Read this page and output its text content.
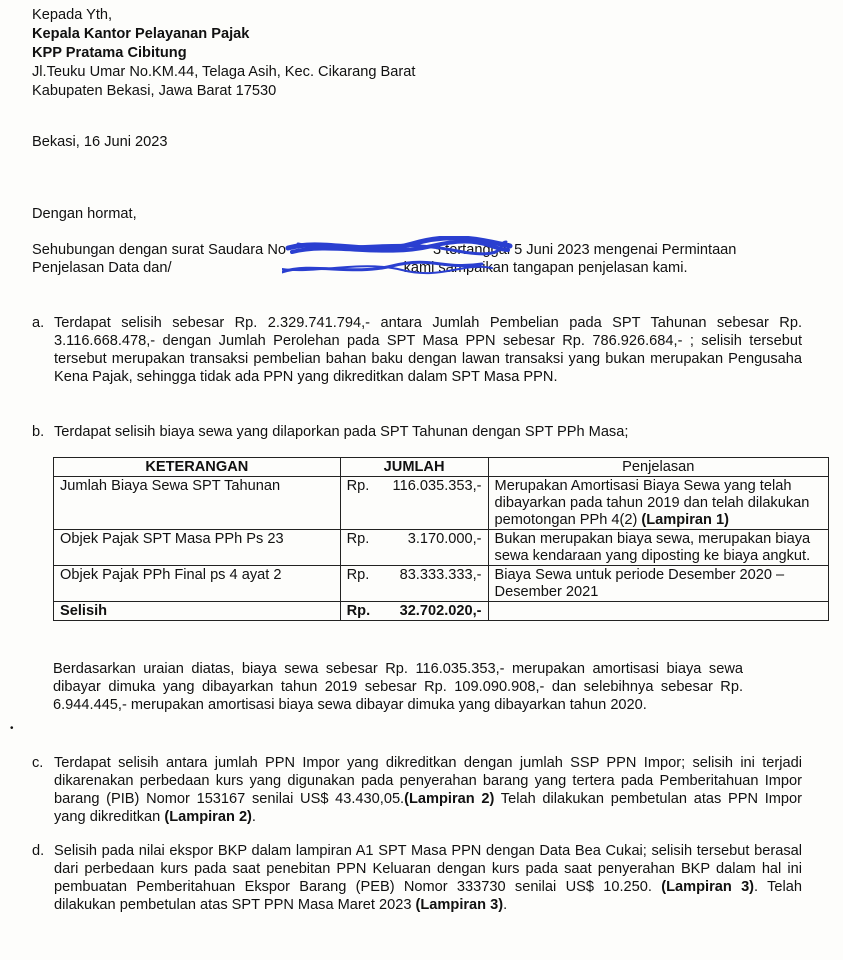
Kepada Yth,
Kepala Kantor Pelayanan Pajak
KPP Pratama Cibitung
Jl.Teuku Umar No.KM.44, Telaga Asih, Kec. Cikarang Barat
Kabupaten Bekasi, Jawa Barat 17530
Bekasi, 16 Juni 2023
Dengan hormat,
Sehubungan dengan surat Saudara No	3 tertanggal 5 Juni 2023 mengenai Permintaan Penjelasan Data dan/	kami sampaikan tangapan penjelasan kami.
a. Terdapat selisih sebesar Rp. 2.329.741.794,- antara Jumlah Pembelian pada SPT Tahunan sebesar Rp. 3.116.668.478,- dengan Jumlah Perolehan pada SPT Masa PPN sebesar Rp. 786.926.684,- ; selisih tersebut tersebut merupakan transaksi pembelian bahan baku dengan lawan transaksi yang bukan merupakan Pengusaha Kena Pajak, sehingga tidak ada PPN yang dikreditkan dalam SPT Masa PPN.
b. Terdapat selisih biaya sewa yang dilaporkan pada SPT Tahunan dengan SPT PPh Masa;
KETERANGAN	JUMLAH	Penjelasan
Jumlah Biaya Sewa SPT Tahunan	Rp. 116.035.353,-	Merupakan Amortisasi Biaya Sewa yang telah dibayarkan pada tahun 2019 dan telah dilakukan pemotongan PPh 4(2) (Lampiran 1)
Objek Pajak SPT Masa PPh Ps 23	Rp. 3.170.000,-	Bukan merupakan biaya sewa, merupakan biaya sewa kendaraan yang diposting ke biaya angkut.
Objek Pajak PPh Final ps 4 ayat 2	Rp. 83.333.333,-	Biaya Sewa untuk periode Desember 2020 – Desember 2021
Selisih	Rp. 32.702.020,-	

Berdasarkan uraian diatas, biaya sewa sebesar Rp. 116.035.353,- merupakan amortisasi biaya sewa dibayar dimuka yang dibayarkan tahun 2019 sebesar Rp. 109.090.908,- dan selebihnya sebesar Rp. 6.944.445,- merupakan amortisasi biaya sewa dibayar dimuka yang dibayarkan tahun 2020.
•
c. Terdapat selisih antara jumlah PPN Impor yang dikreditkan dengan jumlah SSP PPN Impor; selisih ini terjadi dikarenakan perbedaan kurs yang digunakan pada penyerahan barang yang tertera pada Pemberitahuan Impor barang (PIB) Nomor 153167 senilai US$ 43.430,05.(Lampiran 2) Telah dilakukan pembetulan atas PPN Impor yang dikreditkan (Lampiran 2).
d. Selisih pada nilai ekspor BKP dalam lampiran A1 SPT Masa PPN dengan Data Bea Cukai; selisih tersebut berasal dari perbedaan kurs pada saat penebitan PPN Keluaran dengan kurs pada saat penyerahan BKP dalam hal ini pembuatan Pemberitahuan Ekspor Barang (PEB) Nomor 333730 senilai US$ 10.250. (Lampiran 3). Telah dilakukan pembetulan atas SPT PPN Masa Maret 2023 (Lampiran 3).
